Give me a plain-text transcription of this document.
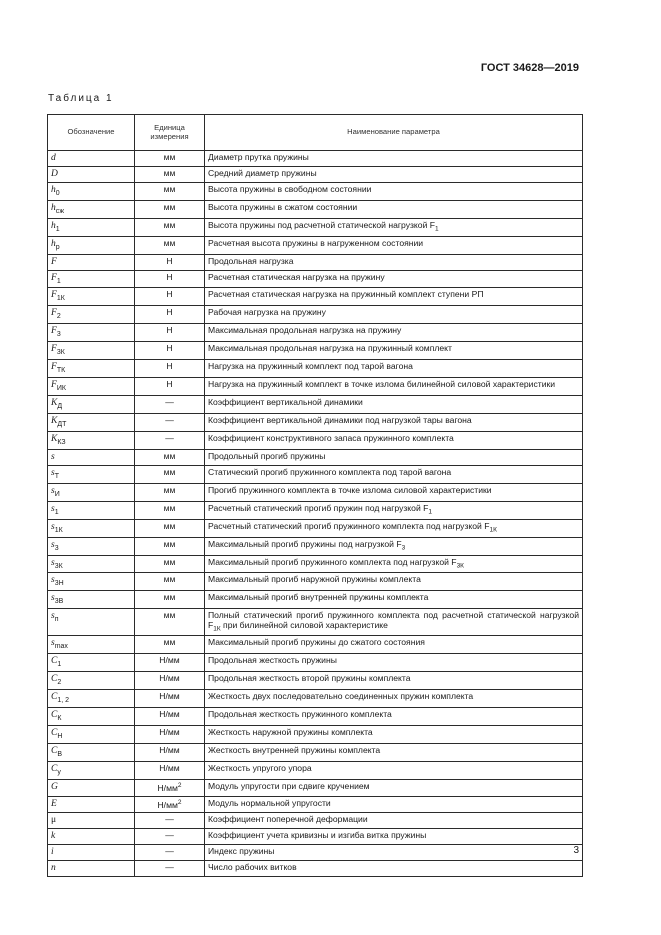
ГОСТ 34628—2019
Таблица 1
Обозначение	Единица измерения	Наименование параметра
d	мм	Диаметр прутка пружины
D	мм	Средний диаметр пружины
$h_0$	мм	Высота пружины в свободном состоянии
$h_{сж}$	мм	Высота пружины в сжатом состоянии
$h_1$	мм	Высота пружины под расчетной статической нагрузкой $F_1$
$h_р$	мм	Расчетная высота пружины в нагруженном состоянии
F	Н	Продольная нагрузка
$F_1$	Н	Расчетная статическая нагрузка на пружину
$F_{1К}$	Н	Расчетная статическая нагрузка на пружинный комплект ступени РП
$F_2$	Н	Рабочая нагрузка на пружину
$F_3$	Н	Максимальная продольная нагрузка на пружину
$F_{3К}$	Н	Максимальная продольная нагрузка на пружинный комплект
$F_{ТК}$	Н	Нагрузка на пружинный комплект под тарой вагона
$F_{ИК}$	Н	Нагрузка на пружинный комплект в точке излома билинейной силовой характеристики
$K_Д$	—	Коэффициент вертикальной динамики
$K_{ДТ}$	—	Коэффициент вертикальной динамики под нагрузкой тары вагона
$K_{КЗ}$	—	Коэффициент конструктивного запаса пружинного комплекта
s	мм	Продольный прогиб пружины
$s_Т$	мм	Статический прогиб пружинного комплекта под тарой вагона
$s_И$	мм	Прогиб пружинного комплекта в точке излома силовой характеристики
$s_1$	мм	Расчетный статический прогиб пружин под нагрузкой $F_1$
$s_{1К}$	мм	Расчетный статический прогиб пружинного комплекта под нагрузкой $F_{1К}$
$s_3$	мм	Максимальный прогиб пружины под нагрузкой $F_3$
$s_{3К}$	мм	Максимальный прогиб пружинного комплекта под нагрузкой $F_{3К}$
$s_{3Н}$	мм	Максимальный прогиб наружной пружины комплекта
$s_{3В}$	мм	Максимальный прогиб внутренней пружины комплекта
$s_п$	мм	Полный статический прогиб пружинного комплекта под расчетной статической нагрузкой $F_{1К}$ при билинейной силовой характеристике
$s_{max}$	мм	Максимальный прогиб пружины до сжатого состояния
$C_1$	Н/мм	Продольная жесткость пружины
$C_2$	Н/мм	Продольная жесткость второй пружины комплекта
$C_{1, 2}$	Н/мм	Жесткость двух последовательно соединенных пружин комплекта
$C_К$	Н/мм	Продольная жесткость пружинного комплекта
$C_Н$	Н/мм	Жесткость наружной пружины комплекта
$C_В$	Н/мм	Жесткость внутренней пружины комплекта
$C_у$	Н/мм	Жесткость упругого упора
G	$Н/мм^2$	Модуль упругости при сдвиге кручением
E	$Н/мм^2$	Модуль нормальной упругости
μ	—	Коэффициент поперечной деформации
k	—	Коэффициент учета кривизны и изгиба витка пружины
i	—	Индекс пружины
n	—	Число рабочих витков
3
